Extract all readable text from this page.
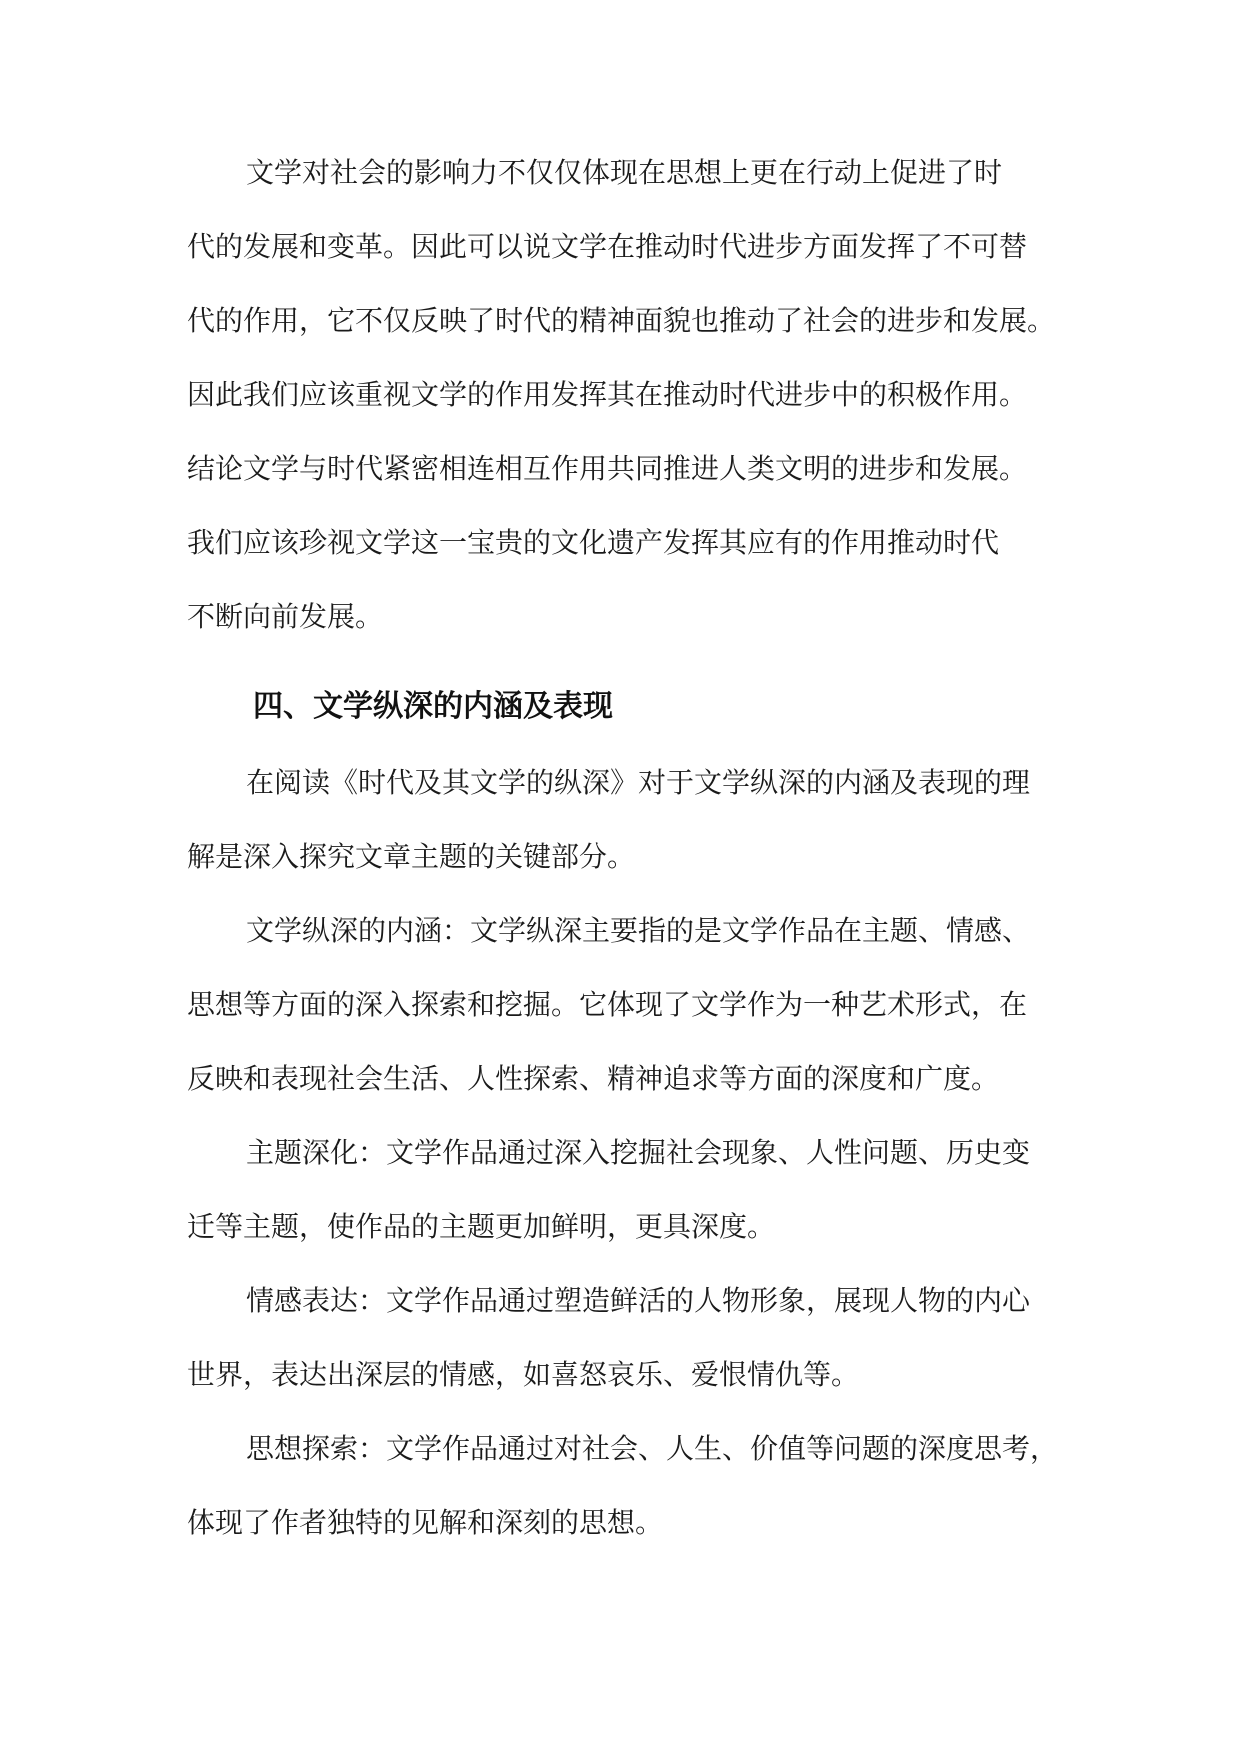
文学对社会的影响力不仅仅体现在思想上更在行动上促进了时
代的发展和变革。因此可以说文学在推动时代进步方面发挥了不可替
代的作用，它不仅反映了时代的精神面貌也推动了社会的进步和发展。
因此我们应该重视文学的作用发挥其在推动时代进步中的积极作用。
结论文学与时代紧密相连相互作用共同推进人类文明的进步和发展。
我们应该珍视文学这一宝贵的文化遗产发挥其应有的作用推动时代
不断向前发展。
四、文学纵深的内涵及表现
在阅读《时代及其文学的纵深》对于文学纵深的内涵及表现的理
解是深入探究文章主题的关键部分。
文学纵深的内涵：文学纵深主要指的是文学作品在主题、情感、
思想等方面的深入探索和挖掘。它体现了文学作为一种艺术形式，在
反映和表现社会生活、人性探索、精神追求等方面的深度和广度。
主题深化：文学作品通过深入挖掘社会现象、人性问题、历史变
迁等主题，使作品的主题更加鲜明，更具深度。
情感表达：文学作品通过塑造鲜活的人物形象，展现人物的内心
世界，表达出深层的情感，如喜怒哀乐、爱恨情仇等。
思想探索：文学作品通过对社会、人生、价值等问题的深度思考，
体现了作者独特的见解和深刻的思想。
